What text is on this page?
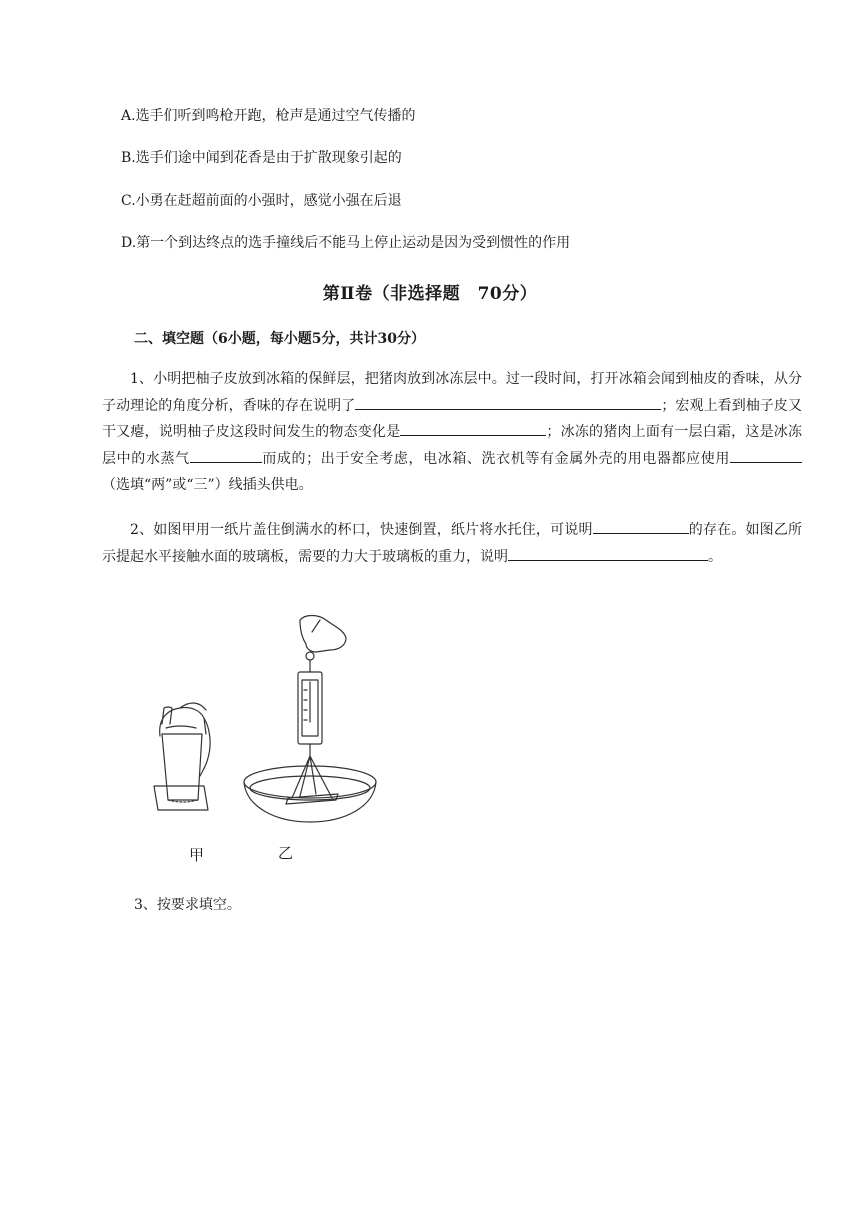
A.选手们听到鸣枪开跑，枪声是通过空气传播的
B.选手们途中闻到花香是由于扩散现象引起的
C.小勇在赶超前面的小强时，感觉小强在后退
D.第一个到达终点的选手撞线后不能马上停止运动是因为受到惯性的作用
第Ⅱ卷（非选择题　70分）
二、填空题（6小题，每小题5分，共计30分）

1、小明把柚子皮放到冰箱的保鲜层，把猪肉放到冰冻层中。过一段时间，打开冰箱会闻到柚皮的香味，从分子动理论的角度分析，香味的存在说明了	；宏观上看到柚子皮又干又瘪，说明柚子皮这段时间发生的物态变化是	；冰冻的猪肉上面有一层白霜，这是冰冻层中的水蒸气	而成的；出于安全考虑，电冰箱、洗衣机等有金属外壳的用电器都应使用（选填“两”或“三”）线插头供电。

2、如图甲用一纸片盖住倒满水的杯口，快速倒置，纸片将水托住，可说明	的存在。如图乙所示提起水平接触水面的玻璃板，需要的力大于玻璃板的重力，说明	。

甲	乙
3、按要求填空。
